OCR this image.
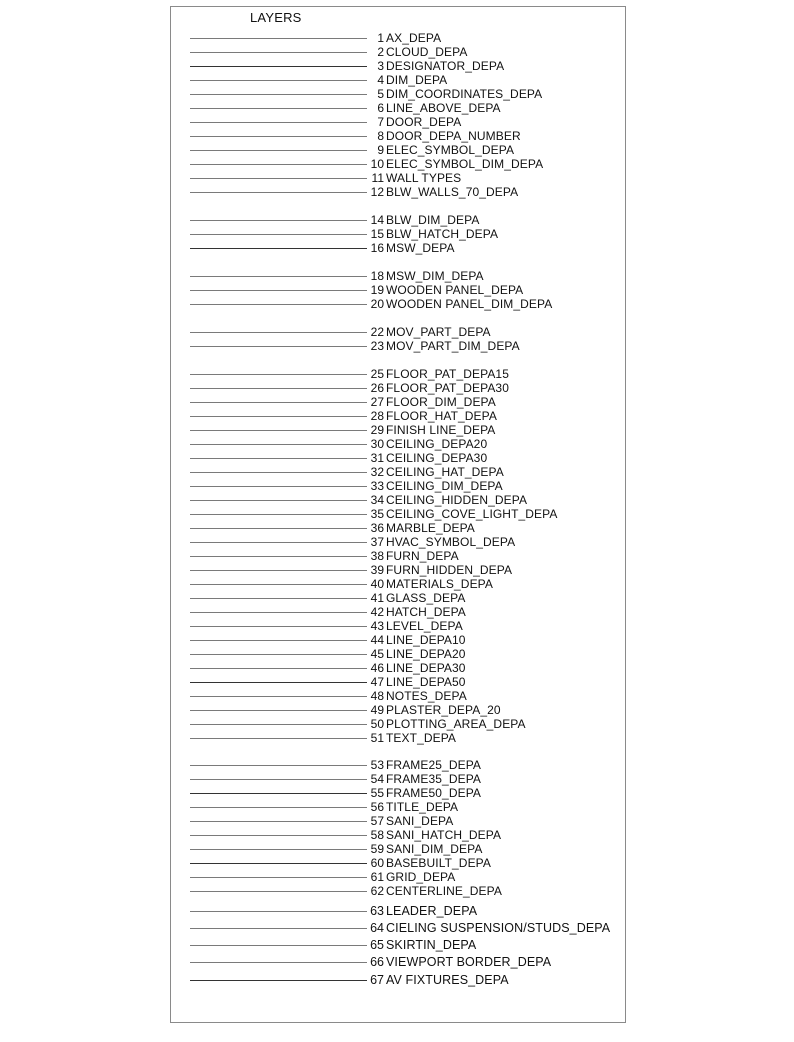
LAYERS
1 AX_DEPA
2 CLOUD_DEPA
3 DESIGNATOR_DEPA
4 DIM_DEPA
5 DIM_COORDINATES_DEPA
6 LINE_ABOVE_DEPA
7 DOOR_DEPA
8 DOOR_DEPA_NUMBER
9 ELEC_SYMBOL_DEPA
10 ELEC_SYMBOL_DIM_DEPA
11 WALL TYPES
12 BLW_WALLS_70_DEPA
14 BLW_DIM_DEPA
15 BLW_HATCH_DEPA
16 MSW_DEPA
18 MSW_DIM_DEPA
19 WOODEN PANEL_DEPA
20 WOODEN PANEL_DIM_DEPA
22 MOV_PART_DEPA
23 MOV_PART_DIM_DEPA
25 FLOOR_PAT_DEPA15
26 FLOOR_PAT_DEPA30
27 FLOOR_DIM_DEPA
28 FLOOR_HAT_DEPA
29 FINISH LINE_DEPA
30 CEILING_DEPA20
31 CEILING_DEPA30
32 CEILING_HAT_DEPA
33 CEILING_DIM_DEPA
34 CEILING_HIDDEN_DEPA
35 CEILING_COVE_LIGHT_DEPA
36 MARBLE_DEPA
37 HVAC_SYMBOL_DEPA
38 FURN_DEPA
39 FURN_HIDDEN_DEPA
40 MATERIALS_DEPA
41 GLASS_DEPA
42 HATCH_DEPA
43 LEVEL_DEPA
44 LINE_DEPA10
45 LINE_DEPA20
46 LINE_DEPA30
47 LINE_DEPA50
48 NOTES_DEPA
49 PLASTER_DEPA_20
50 PLOTTING_AREA_DEPA
51 TEXT_DEPA
53 FRAME25_DEPA
54 FRAME35_DEPA
55 FRAME50_DEPA
56 TITLE_DEPA
57 SANI_DEPA
58 SANI_HATCH_DEPA
59 SANI_DIM_DEPA
60 BASEBUILT_DEPA
61 GRID_DEPA
62 CENTERLINE_DEPA
63 LEADER_DEPA
64 CIELING SUSPENSION/STUDS_DEPA
65 SKIRTIN_DEPA
66 VIEWPORT BORDER_DEPA
67 AV FIXTURES_DEPA
